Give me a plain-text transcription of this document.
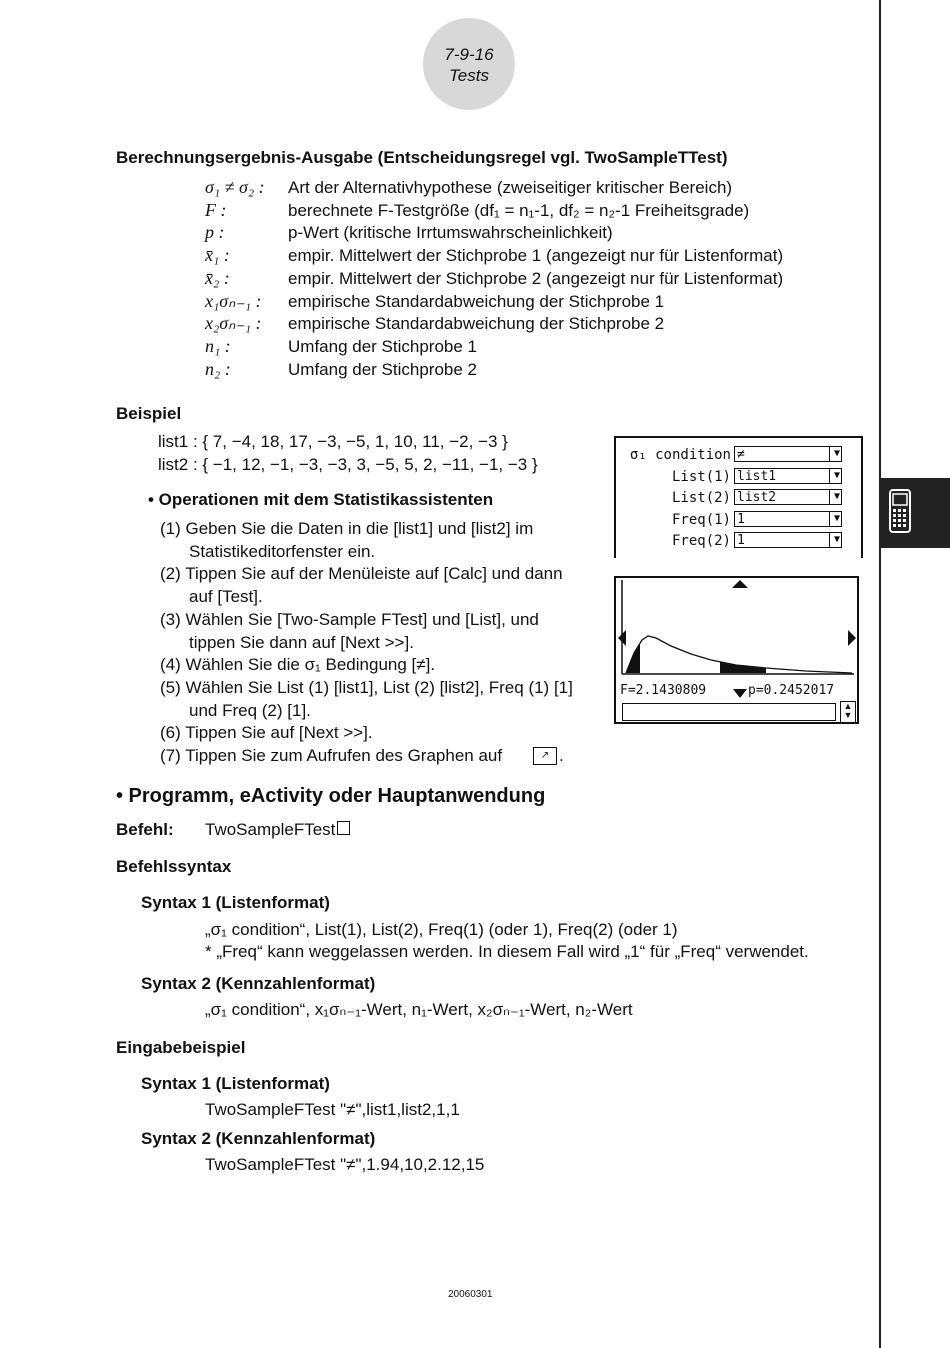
7-9-16
Tests
Berechnungsergebnis-Ausgabe (Entscheidungsregel vgl. TwoSampleTTest)
σ₁ ≠ σ₂ : Art der Alternativhypothese (zweiseitiger kritischer Bereich)
F :	berechnete F-Testgröße (df₁ = n₁-1, df₂ = n₂-1 Freiheitsgrade)
p :	p-Wert (kritische Irrtumswahrscheinlichkeit)
x̄₁ :	empir. Mittelwert der Stichprobe 1 (angezeigt nur für Listenformat)
x̄₂ :	empir. Mittelwert der Stichprobe 2 (angezeigt nur für Listenformat)
x₁σₙ₋₁ : empirische Standardabweichung der Stichprobe 1
x₂σₙ₋₁ : empirische Standardabweichung der Stichprobe 2
n₁ :	Umfang der Stichprobe 1
n₂ :	Umfang der Stichprobe 2
Beispiel
list1 : { 7, −4, 18, 17, −3, −5, 1, 10, 11, −2, −3 }
list2 : { −1, 12, −1, −3, −3, 3, −5, 5, 2, −11, −1, −3 }
• Operationen mit dem Statistikassistenten
(1) Geben Sie die Daten in die [list1] und [list2] im
Statistikeditorfenster ein.
(2) Tippen Sie auf der Menüleiste auf [Calc] und dann
auf [Test].
(3) Wählen Sie [Two-Sample FTest] und [List], und
tippen Sie dann auf [Next >>].
(4) Wählen Sie die σ₁ Bedingung [≠].
(5) Wählen Sie List (1) [list1], List (2) [list2], Freq (1) [1]
und Freq (2) [1].
(6) Tippen Sie auf [Next >>].
(7) Tippen Sie zum Aufrufen des Graphen auf	↗ .
σ₁ condition ≠	▼
List(1) list1	▼
List(2) list2	▼
Freq(1) 1	▼
Freq(2) 1	▼
F=2.1430809	p=0.2452017
▲
▼
• Programm, eActivity oder Hauptanwendung
Befehl: TwoSampleFTest
Befehlssyntax
Syntax 1 (Listenformat)
„σ₁ condition“, List(1), List(2), Freq(1) (oder 1), Freq(2) (oder 1)
* „Freq“ kann weggelassen werden. In diesem Fall wird „1“ für „Freq“ verwendet.
Syntax 2 (Kennzahlenformat)
„σ₁ condition“, x₁σₙ₋₁-Wert, n₁-Wert, x₂σₙ₋₁-Wert, n₂-Wert
Eingabebeispiel
Syntax 1 (Listenformat)
TwoSampleFTest "≠",list1,list2,1,1
Syntax 2 (Kennzahlenformat)
TwoSampleFTest "≠",1.94,10,2.12,15
20060301
